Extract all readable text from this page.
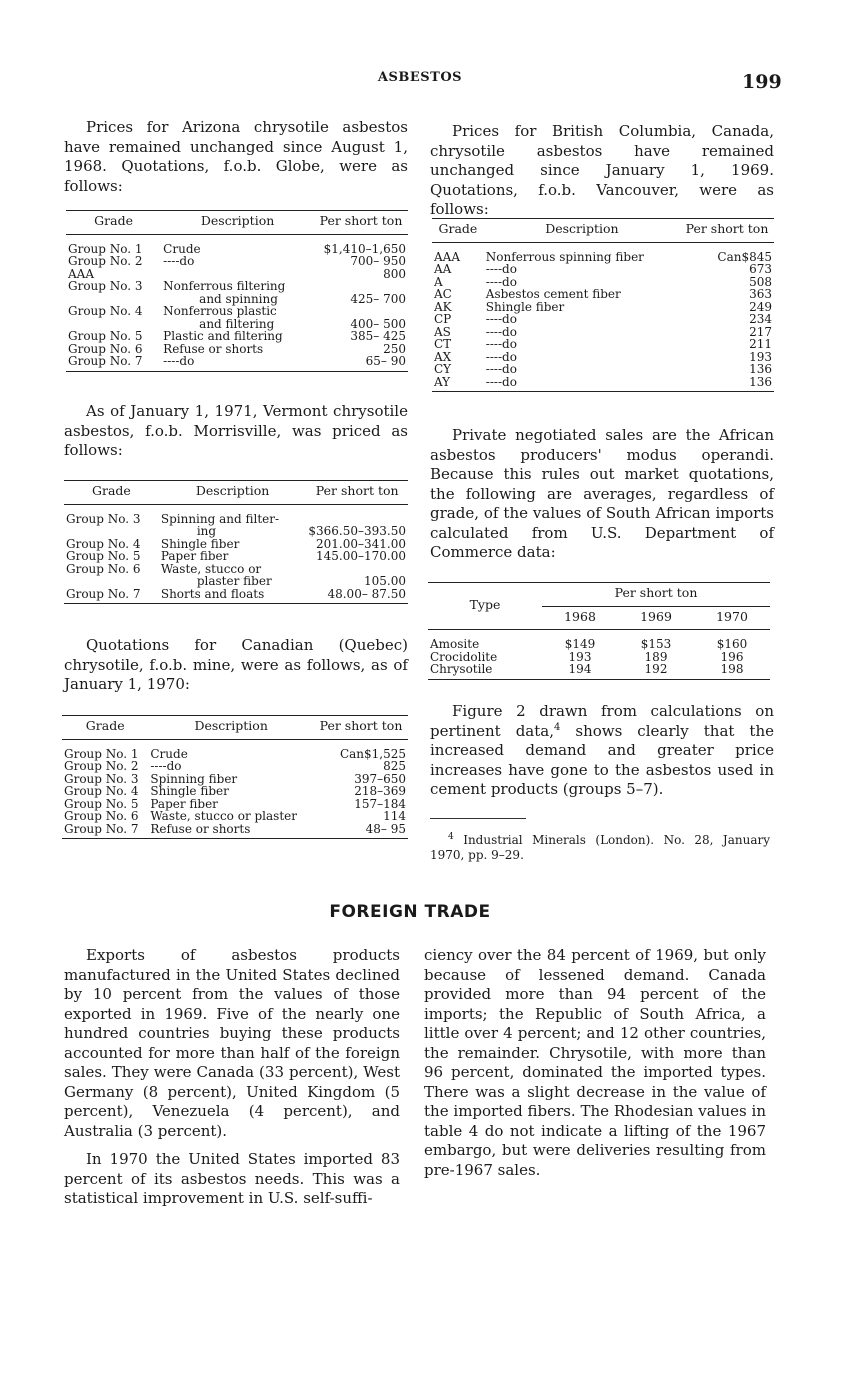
ASBESTOS	199

Prices for Arizona chrysotile asbestos have remained unchanged since August 1, 1968. Quotations, f.o.b. Globe, were as follows:

Grade	Description	Per short ton
Group No. 1	Crude	$1,410–1,650
Group No. 2	----do	700– 950
AAA		800
Group No. 3	Nonferrous filtering	
	and spinning	425– 700
Group No. 4	Nonferrous plastic	
	and filtering	400– 500
Group No. 5	Plastic and filtering	385– 425
Group No. 6	Refuse or shorts	250
Group No. 7	----do	65– 90

As of January 1, 1971, Vermont chrysotile asbestos, f.o.b. Morrisville, was priced as follows:

Grade	Description	Per short ton
Group No. 3	Spinning and filter-	
	ing	$366.50–393.50
Group No. 4	Shingle fiber	201.00–341.00
Group No. 5	Paper fiber	145.00–170.00
Group No. 6	Waste, stucco or	
	plaster fiber	105.00
Group No. 7	Shorts and floats	48.00– 87.50

Quotations for Canadian (Quebec) chrysotile, f.o.b. mine, were as follows, as of January 1, 1970:

Grade	Description	Per short ton
Group No. 1	Crude	Can$1,525
Group No. 2	----do	825
Group No. 3	Spinning fiber	397–650
Group No. 4	Shingle fiber	218–369
Group No. 5	Paper fiber	157–184
Group No. 6	Waste, stucco or plaster	114
Group No. 7	Refuse or shorts	48– 95

Prices for British Columbia, Canada, chrysotile asbestos have remained unchanged since January 1, 1969. Quotations, f.o.b. Vancouver, were as follows:

Grade	Description	Per short ton
AAA	Nonferrous spinning fiber	Can$845
AA	----do	673
A	----do	508
AC	Asbestos cement fiber	363
AK	Shingle fiber	249
CP	----do	234
AS	----do	217
CT	----do	211
AX	----do	193
CY	----do	136
AY	----do	136

Private negotiated sales are the African asbestos producers' modus operandi. Because this rules out market quotations, the following are averages, regardless of grade, of the values of South African imports calculated from U.S. Department of Commerce data:

Type	Per short ton		
	1968	1969	1970
Amosite	$149	$153	$160
Crocidolite	193	189	196
Chrysotile	194	192	198

Figure 2 drawn from calculations on pertinent data,$^4$ shows clearly that the increased demand and greater price increases have gone to the asbestos used in cement products (groups 5–7).

$^4$ Industrial Minerals (London). No. 28, January 1970, pp. 9–29.

FOREIGN TRADE

Exports of asbestos products manufactured in the United States declined by 10 percent from the values of those exported in 1969. Five of the nearly one hundred countries buying these products accounted for more than half of the foreign sales. They were Canada (33 percent), West Germany (8 percent), United Kingdom (5 percent), Venezuela (4 percent), and Australia (3 percent).

In 1970 the United States imported 83 percent of its asbestos needs. This was a statistical improvement in U.S. self-suffi-

ciency over the 84 percent of 1969, but only because of lessened demand. Canada provided more than 94 percent of the imports; the Republic of South Africa, a little over 4 percent; and 12 other countries, the remainder. Chrysotile, with more than 96 percent, dominated the imported types. There was a slight decrease in the value of the imported fibers. The Rhodesian values in table 4 do not indicate a lifting of the 1967 embargo, but were deliveries resulting from pre-1967 sales.
